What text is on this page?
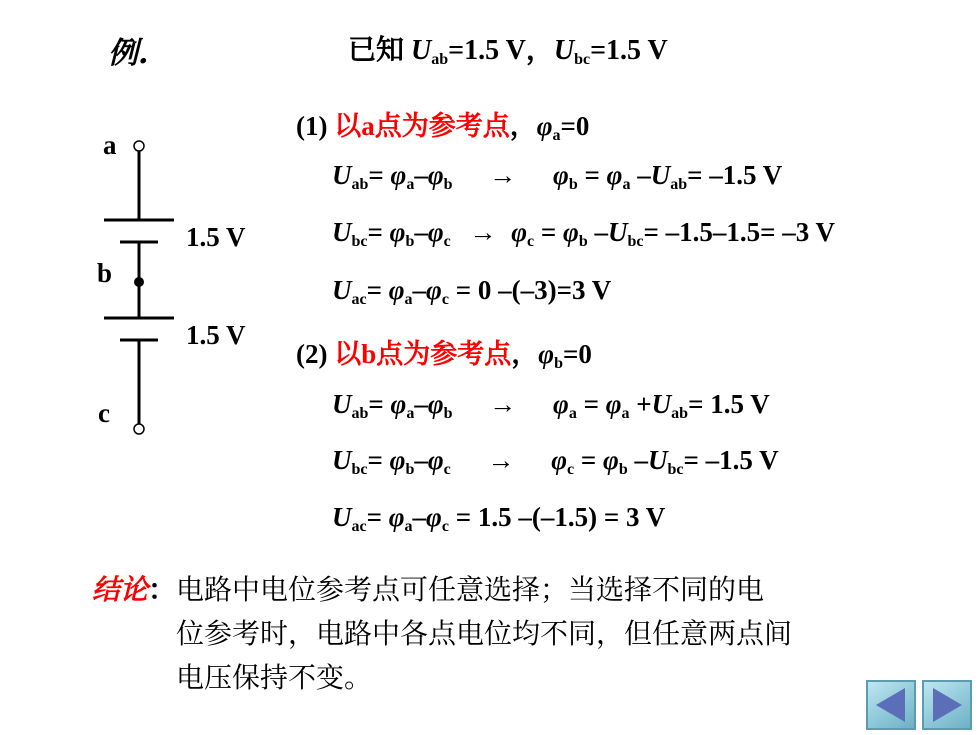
例.	已知 $U_{ab}=1.5$ V，$U_{bc}=1.5$ V
a
b
c
1.5 V
1.5 V
(1) 以a点为参考点，$\varphi_a=0$
$U_{ab}= \varphi_a-\varphi_b \to \varphi_b = \varphi_a$ $-U_{ab}= -1.5$ V
$U_{bc}= \varphi_b-\varphi_c \to \varphi_c = \varphi_b$ $-U_{bc}= -1.5-1.5= -3$ V
$U_{ac}= \varphi_a-\varphi_c = 0$ –(–3)=3 V
(2) 以b点为参考点，$\varphi_b=0$
$U_{ab}= \varphi_a-\varphi_b \to \varphi_a = \varphi_a +U_{ab}= 1.5$ V
$U_{bc}= \varphi_b-\varphi_c \to \varphi_c = \varphi_b$ $-U_{bc}= -1.5$ V
$U_{ac}= \varphi_a-\varphi_c = 1.5$ –(–1.5) = 3 V
结论：电路中电位参考点可任意选择；当选择不同的电
位参考时，电路中各点电位均不同，但任意两点间
电压保持不变。
